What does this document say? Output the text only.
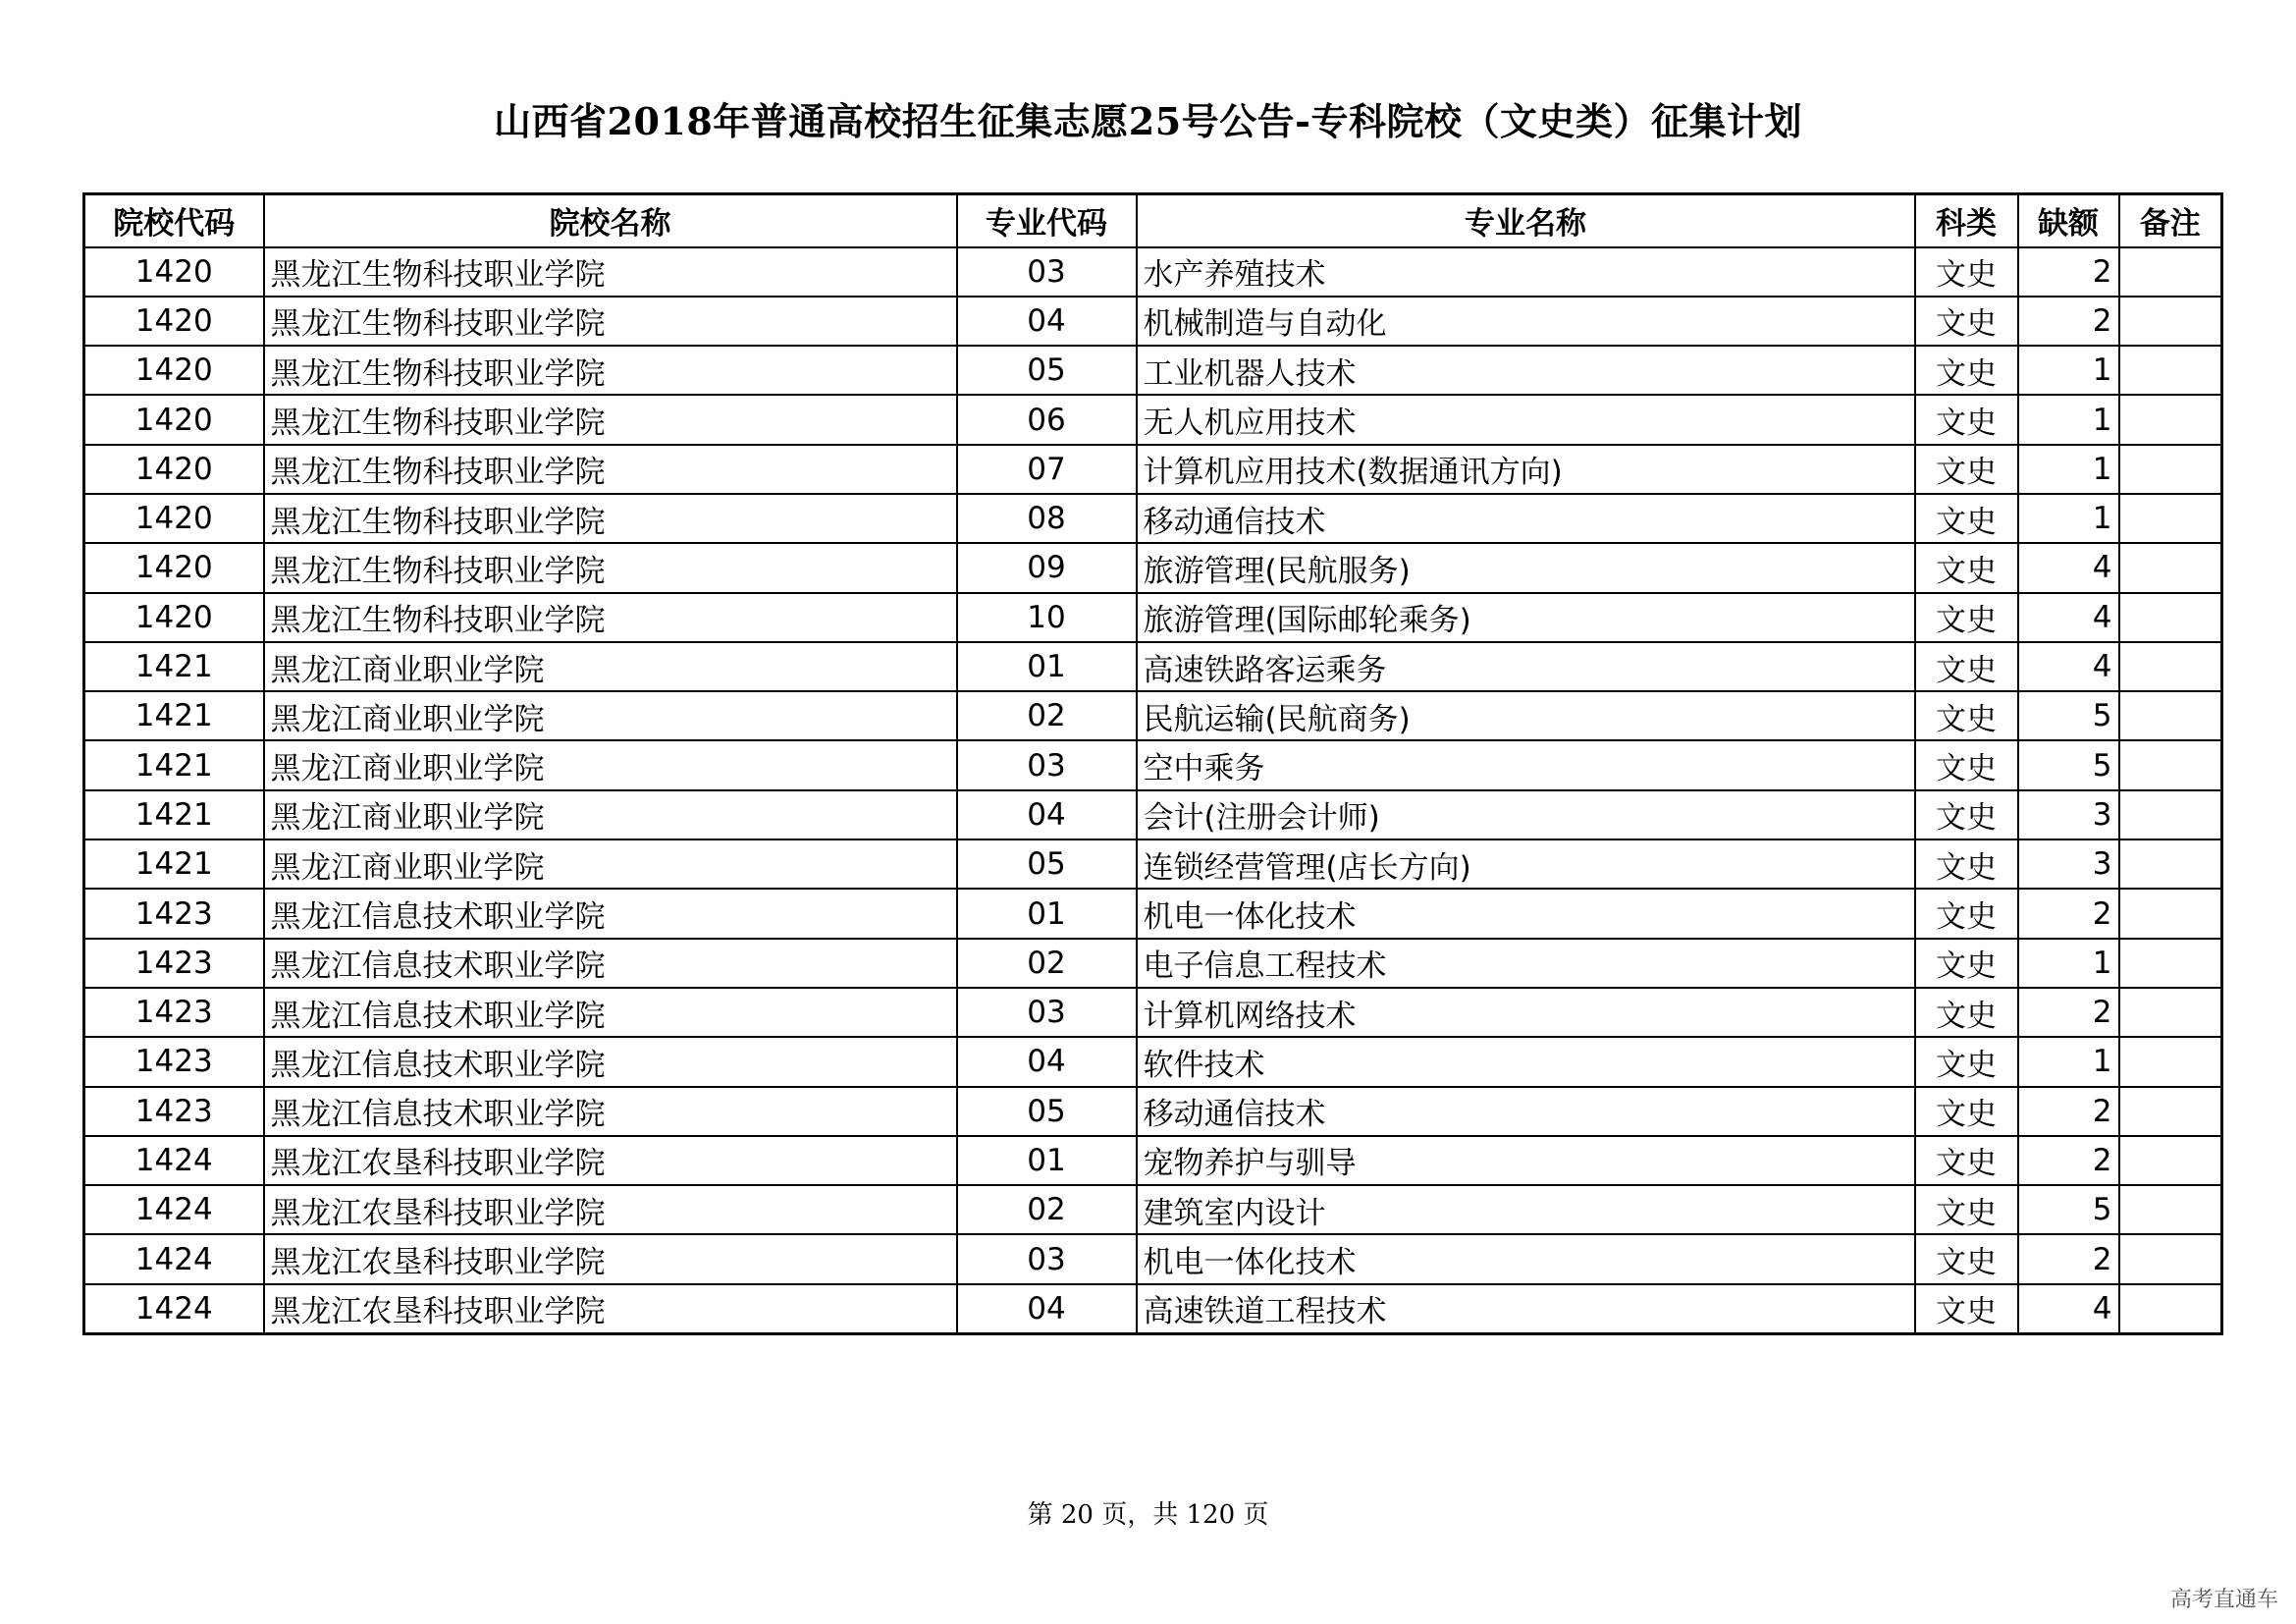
山西省2018年普通高校招生征集志愿25号公告-专科院校（文史类）征集计划
院校代码	院校名称	专业代码	专业名称	科类	缺额	备注
1420	黑龙江生物科技职业学院	03	水产养殖技术	文史	2	
1420	黑龙江生物科技职业学院	04	机械制造与自动化	文史	2	
1420	黑龙江生物科技职业学院	05	工业机器人技术	文史	1	
1420	黑龙江生物科技职业学院	06	无人机应用技术	文史	1	
1420	黑龙江生物科技职业学院	07	计算机应用技术(数据通讯方向)	文史	1	
1420	黑龙江生物科技职业学院	08	移动通信技术	文史	1	
1420	黑龙江生物科技职业学院	09	旅游管理(民航服务)	文史	4	
1420	黑龙江生物科技职业学院	10	旅游管理(国际邮轮乘务)	文史	4	
1421	黑龙江商业职业学院	01	高速铁路客运乘务	文史	4	
1421	黑龙江商业职业学院	02	民航运输(民航商务)	文史	5	
1421	黑龙江商业职业学院	03	空中乘务	文史	5	
1421	黑龙江商业职业学院	04	会计(注册会计师)	文史	3	
1421	黑龙江商业职业学院	05	连锁经营管理(店长方向)	文史	3	
1423	黑龙江信息技术职业学院	01	机电一体化技术	文史	2	
1423	黑龙江信息技术职业学院	02	电子信息工程技术	文史	1	
1423	黑龙江信息技术职业学院	03	计算机网络技术	文史	2	
1423	黑龙江信息技术职业学院	04	软件技术	文史	1	
1423	黑龙江信息技术职业学院	05	移动通信技术	文史	2	
1424	黑龙江农垦科技职业学院	01	宠物养护与驯导	文史	2	
1424	黑龙江农垦科技职业学院	02	建筑室内设计	文史	5	
1424	黑龙江农垦科技职业学院	03	机电一体化技术	文史	2	
1424	黑龙江农垦科技职业学院	04	高速铁道工程技术	文史	4	
第 20 页，共 120 页
高考直通车
